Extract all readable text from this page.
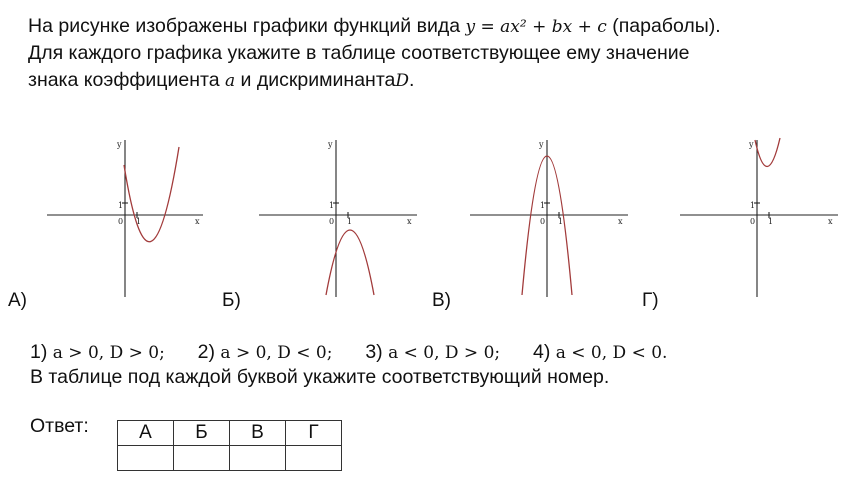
На рисунке изображены графики функций вида y = ax² + bx + c (параболы).
Для каждого графика укажите в таблице соответствующее ему значение
знака коэффициента a и дискриминантаD.
x
y
1
1
0
А)
x
y
1
1
0
Б)
x
y
1
1
0
В)
x
y
1
1
0
Г)
1) a > 0, D > 0; 2) a > 0, D < 0; 3) a < 0, D > 0; 4) a < 0, D < 0.
В таблице под каждой буквой укажите соответствующий номер.
Ответ:	А	Б	В	Г
